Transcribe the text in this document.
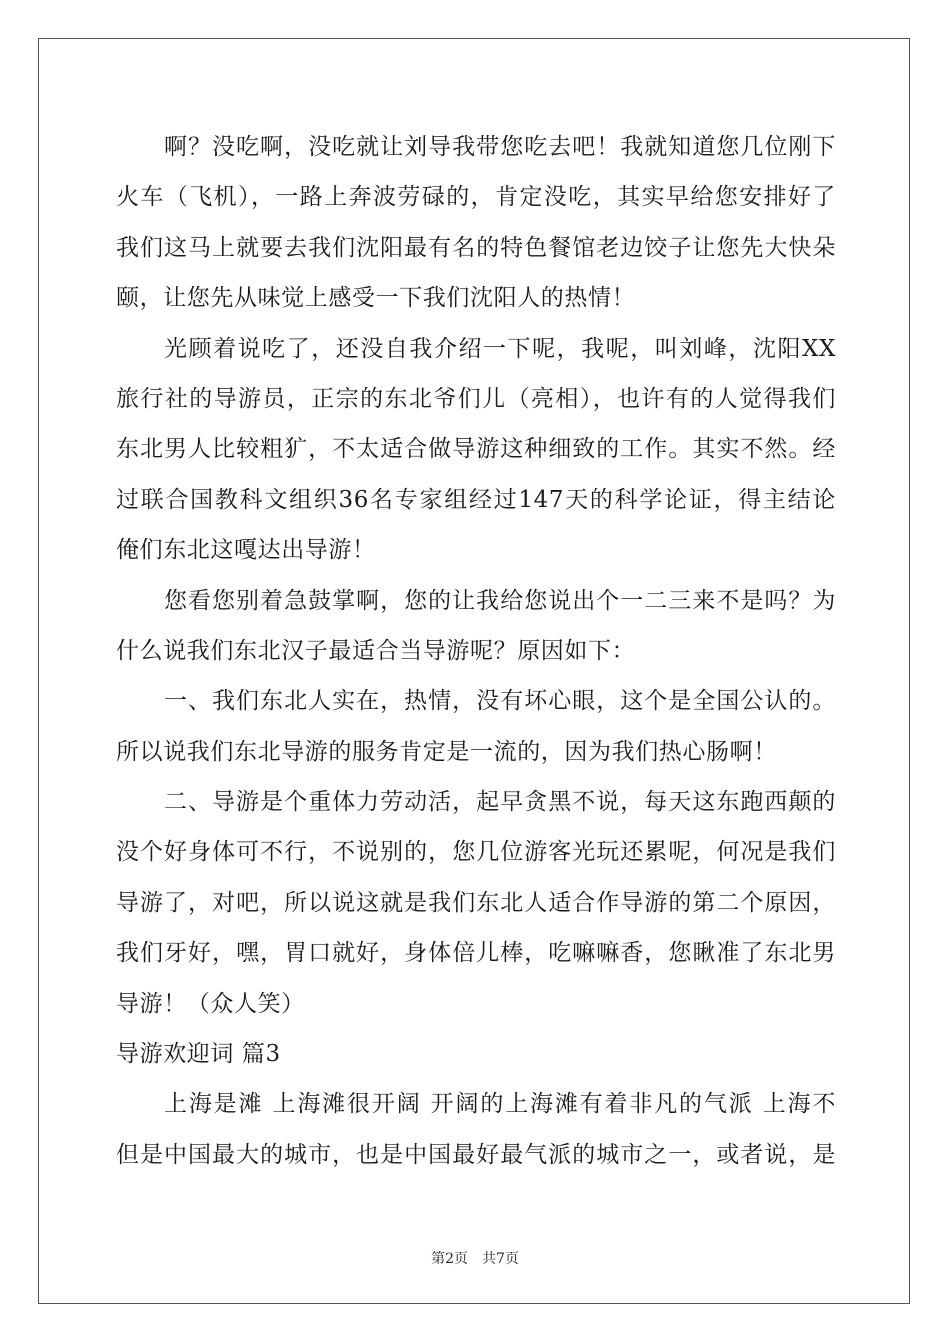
啊？没吃啊，没吃就让刘导我带您吃去吧！我就知道您几位刚下
火车（飞机），一路上奔波劳碌的，肯定没吃，其实早给您安排好了
我们这马上就要去我们沈阳最有名的特色餐馆老边饺子让您先大快朵
颐，让您先从味觉上感受一下我们沈阳人的热情！
光顾着说吃了，还没自我介绍一下呢，我呢，叫刘峰，沈阳XX
旅行社的导游员，正宗的东北爷们儿（亮相），也许有的人觉得我们
东北男人比较粗犷，不太适合做导游这种细致的工作。其实不然。经
过联合国教科文组织36名专家组经过147天的科学论证，得主结论
俺们东北这嘎达出导游！
您看您别着急鼓掌啊，您的让我给您说出个一二三来不是吗？为
什么说我们东北汉子最适合当导游呢？原因如下：
一、我们东北人实在，热情，没有坏心眼，这个是全国公认的。
所以说我们东北导游的服务肯定是一流的，因为我们热心肠啊！
二、导游是个重体力劳动活，起早贪黑不说，每天这东跑西颠的
没个好身体可不行，不说别的，您几位游客光玩还累呢，何况是我们
导游了，对吧，所以说这就是我们东北人适合作导游的第二个原因，
我们牙好，嘿，胃口就好，身体倍儿棒，吃嘛嘛香，您瞅准了东北男
导游！（众人笑）
导游欢迎词 篇3
上海是滩 上海滩很开阔 开阔的上海滩有着非凡的气派 上海不
但是中国最大的城市，也是中国最好最气派的城市之一，或者说，是
第2页　共7页
